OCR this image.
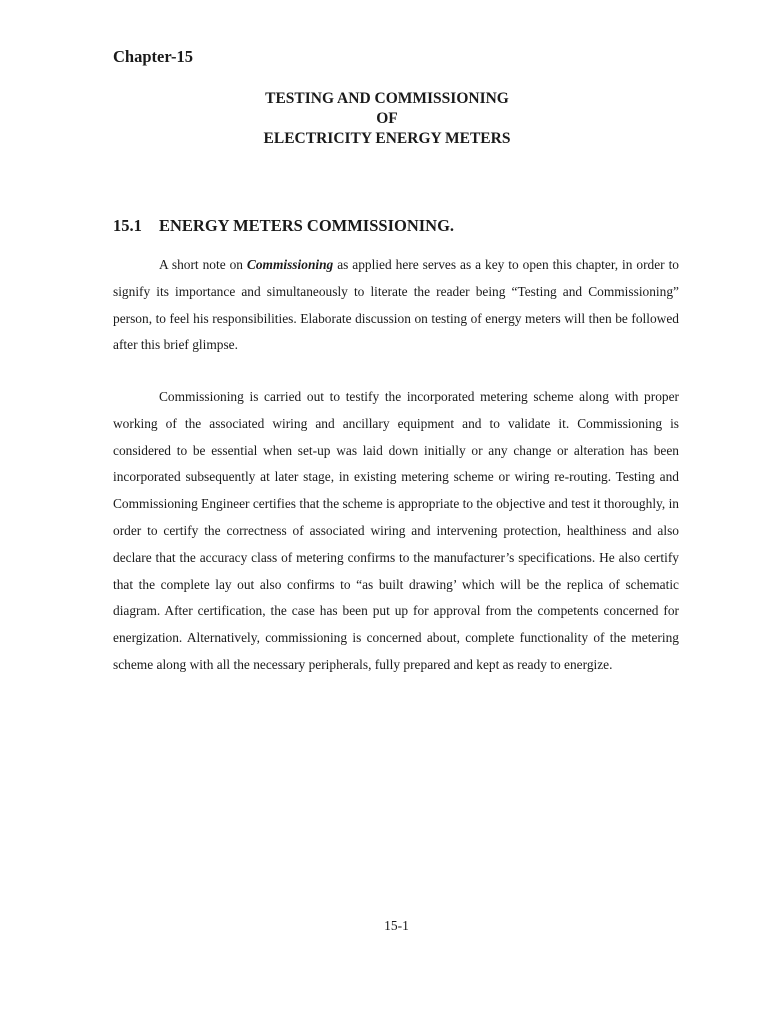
Chapter-15
TESTING AND COMMISSIONING
OF
ELECTRICITY ENERGY METERS
15.1 ENERGY METERS COMMISSIONING.

A short note on Commissioning as applied here serves as a key to open this chapter, in order to signify its importance and simultaneously to literate the reader being “Testing and Commissioning” person, to feel his responsibilities. Elaborate discussion on testing of energy meters will then be followed after this brief glimpse.

Commissioning is carried out to testify the incorporated metering scheme along with proper working of the associated wiring and ancillary equipment and to validate it. Commissioning is considered to be essential when set-up was laid down initially or any change or alteration has been incorporated subsequently at later stage, in existing metering scheme or wiring re-routing. Testing and Commissioning Engineer certifies that the scheme is appropriate to the objective and test it thoroughly, in order to certify the correctness of associated wiring and intervening protection, healthiness and also declare that the accuracy class of metering confirms to the manufacturer’s specifications. He also certify that the complete lay out also confirms to “as built drawing’ which will be the replica of schematic diagram. After certification, the case has been put up for approval from the competents concerned for energization. Alternatively, commissioning is concerned about, complete functionality of the metering scheme along with all the necessary peripherals, fully prepared and kept as ready to energize.

15-1
